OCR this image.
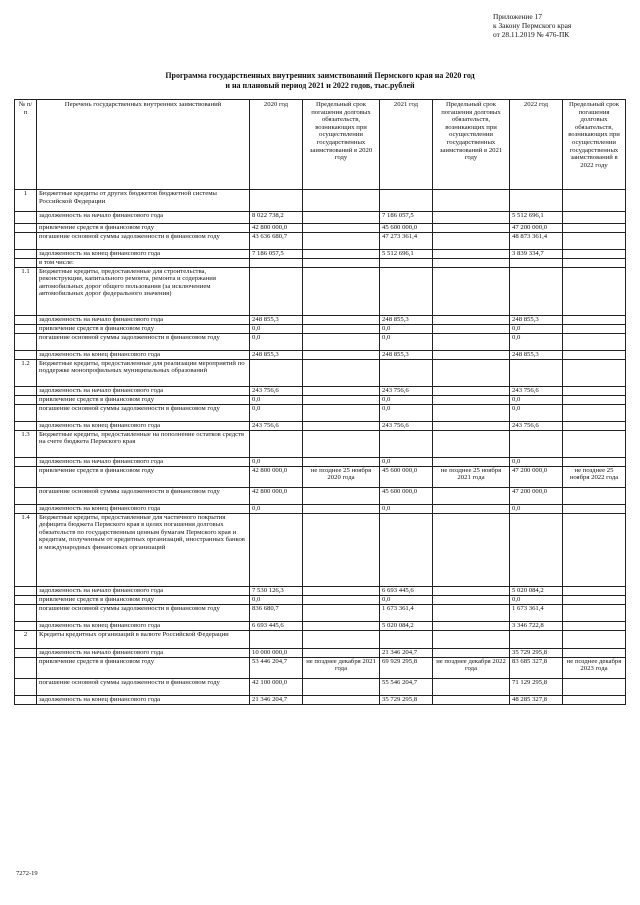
Приложение 17
к Закону Пермского края
от 28.11.2019 № 476-ПК
Программа государственных внутренних заимствований Пермского края на 2020 год
и на плановый период 2021 и 2022 годов, тыс.рублей
№ п/п	Перечень государственных внутренних заимствований	2020 год	Предельный срок погашения долговых обязательств, возникающих при осуществлении государственных заимствований в 2020 году	2021 год	Предельный срок погашения долговых обязательств, возникающих при осуществлении государственных заимствований в 2021 году	2022 год	Предельный срок погашения долговых обязательств, возникающих при осуществлении государственных заимствований в 2022 году
1	Бюджетные кредиты от других бюджетов бюджетной системы Российской Федерации						
	задолженность на начало финансового года	8 022 738,2		7 186 057,5		5 512 696,1	
	привлечение средств в финансовом году	42 800 000,0		45 600 000,0		47 200 000,0	
	погашение основной суммы задолженности в финансовом году	43 636 680,7		47 273 361,4		48 873 361,4	
	задолженность на конец финансового года	7 186 057,5		5 512 696,1		3 839 334,7	
	в том числе:						
1.1	Бюджетные кредиты, предоставленные для строительства, реконструкции, капитального ремонта, ремонта и содержания автомобильных дорог общего пользования (за исключением автомобильных дорог федерального значения)						
	задолженность на начало финансового года	248 855,3		248 855,3		248 855,3	
	привлечение средств в финансовом году	0,0		0,0		0,0	
	погашение основной суммы задолженности в финансовом году	0,0		0,0		0,0	
	задолженность на конец финансового года	248 855,3		248 855,3		248 855,3	
1.2	Бюджетные кредиты, предоставленные для реализации мероприятий по поддержке монопрофильных муниципальных образований						
	задолженность на начало финансового года	243 756,6		243 756,6		243 756,6	
	привлечение средств в финансовом году	0,0		0,0		0,0	
	погашение основной суммы задолженности в финансовом году	0,0		0,0		0,0	
	задолженность на конец финансового года	243 756,6		243 756,6		243 756,6	
1.3	Бюджетные кредиты, предоставленные на пополнение остатков средств на счете бюджета Пермского края						
	задолженность на начало финансового года	0,0		0,0		0,0	
	привлечение средств в финансовом году	42 800 000,0	не позднее 25 ноября 2020 года	45 600 000,0	не позднее 25 ноября 2021 года	47 200 000,0	не позднее 25 ноября 2022 года
	погашение основной суммы задолженности в финансовом году	42 800 000,0		45 600 000,0		47 200 000,0	
	задолженность на конец финансового года	0,0		0,0		0,0	
1.4	Бюджетные кредиты, предоставленные для частичного покрытия дефицита бюджета Пермского края в целях погашения долговых обязательств по государственным ценным бумагам Пермского края и кредитам, полученным от кредитных организаций, иностранных банков и международных финансовых организаций						
	задолженность на начало финансового года	7 530 126,3		6 693 445,6		5 020 084,2	
	привлечение средств в финансовом году	0,0		0,0		0,0	
	погашение основной суммы задолженности в финансовом году	836 680,7		1 673 361,4		1 673 361,4	
	задолженность на конец финансового года	6 693 445,6		5 020 084,2		3 346 722,8	
2	Кредиты кредитных организаций в валюте Российской Федерации						
	задолженность на начало финансового года	10 000 000,0		21 346 204,7		35 729 295,8	
	привлечение средств в финансовом году	53 446 204,7	не позднее декабря 2021 года	69 929 295,8	не позднее декабря 2022 года	83 685 327,8	не позднее декабря 2023 года
	погашение основной суммы задолженности в финансовом году	42 100 000,0		55 546 204,7		71 129 295,8	
	задолженность на конец финансового года	21 346 204,7		35 729 295,8		48 285 327,8	
7272-19
